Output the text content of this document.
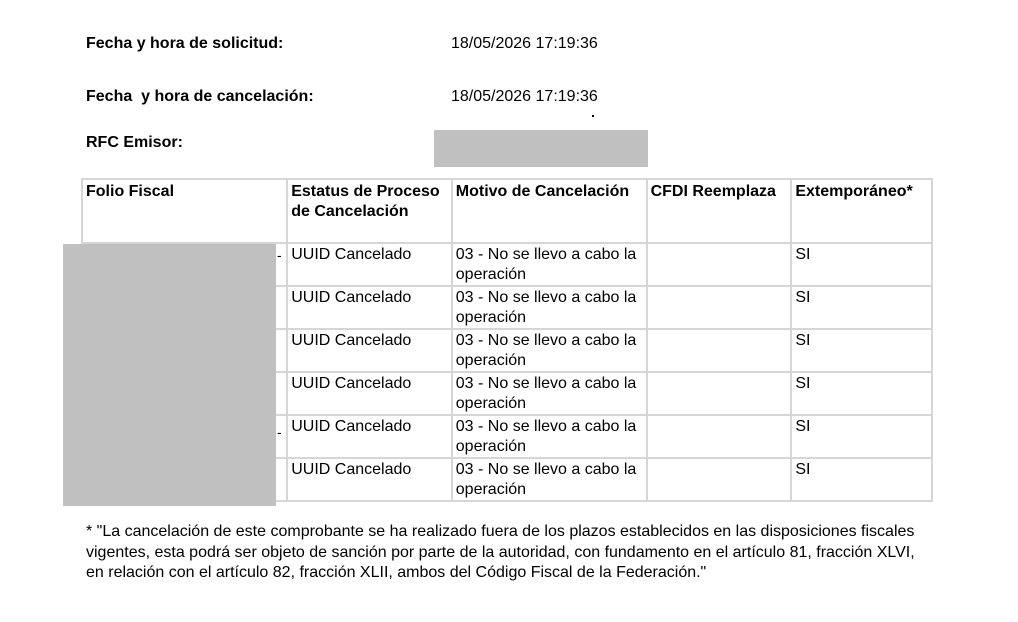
Fecha y hora de solicitud:	18/05/2026 17:19:36
Fecha  y hora de cancelación:	18/05/2026 17:19:36
RFC Emisor:
Folio Fiscal	Estatus de Proceso de Cancelación	Motivo de Cancelación	CFDI Reemplaza	Extemporáneo*
	UUID Cancelado	03 - No se llevo a cabo la operación		SI
	UUID Cancelado	03 - No se llevo a cabo la operación		SI
	UUID Cancelado	03 - No se llevo a cabo la operación		SI
	UUID Cancelado	03 - No se llevo a cabo la operación		SI
	UUID Cancelado	03 - No se llevo a cabo la operación		SI
	UUID Cancelado	03 - No se llevo a cabo la operación		SI
-
-
* "La cancelación de este comprobante se ha realizado fuera de los plazos establecidos en las disposiciones fiscales vigentes, esta podrá ser objeto de sanción por parte de la autoridad, con fundamento en el artículo 81, fracción XLVI, en relación con el artículo 82, fracción XLII, ambos del Código Fiscal de la Federación."
